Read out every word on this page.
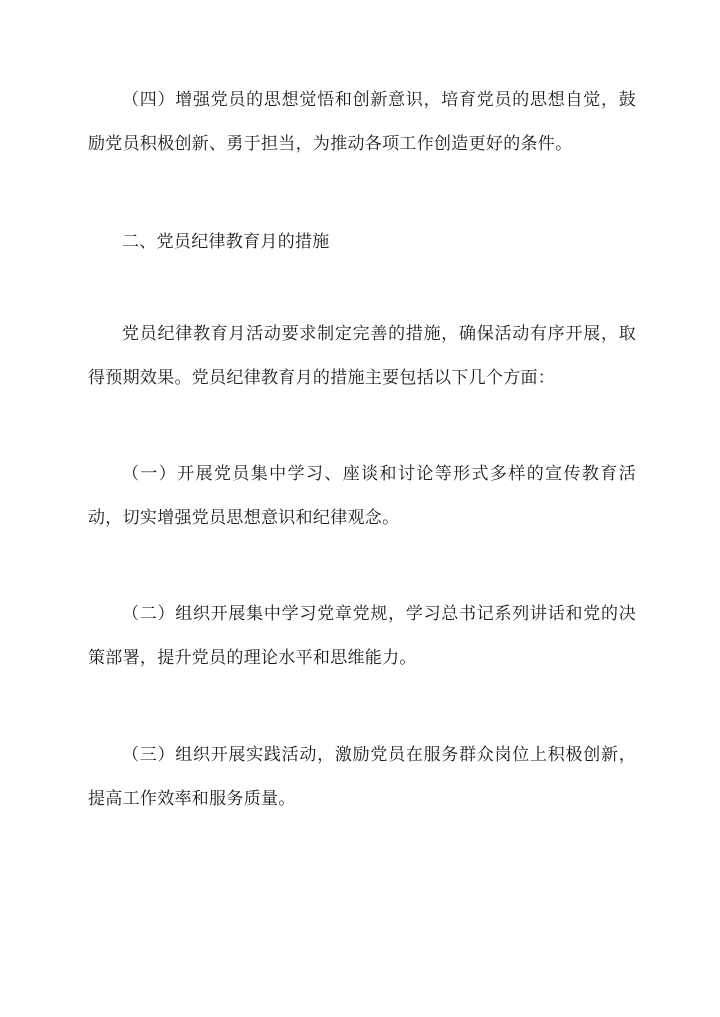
（四）增强党员的思想觉悟和创新意识，培育党员的思想自觉，鼓励党员积极创新、勇于担当，为推动各项工作创造更好的条件。

二、党员纪律教育月的措施

党员纪律教育月活动要求制定完善的措施，确保活动有序开展，取得预期效果。党员纪律教育月的措施主要包括以下几个方面：

（一）开展党员集中学习、座谈和讨论等形式多样的宣传教育活动，切实增强党员思想意识和纪律观念。

（二）组织开展集中学习党章党规，学习总书记系列讲话和党的决策部署，提升党员的理论水平和思维能力。

（三）组织开展实践活动，激励党员在服务群众岗位上积极创新，提高工作效率和服务质量。
